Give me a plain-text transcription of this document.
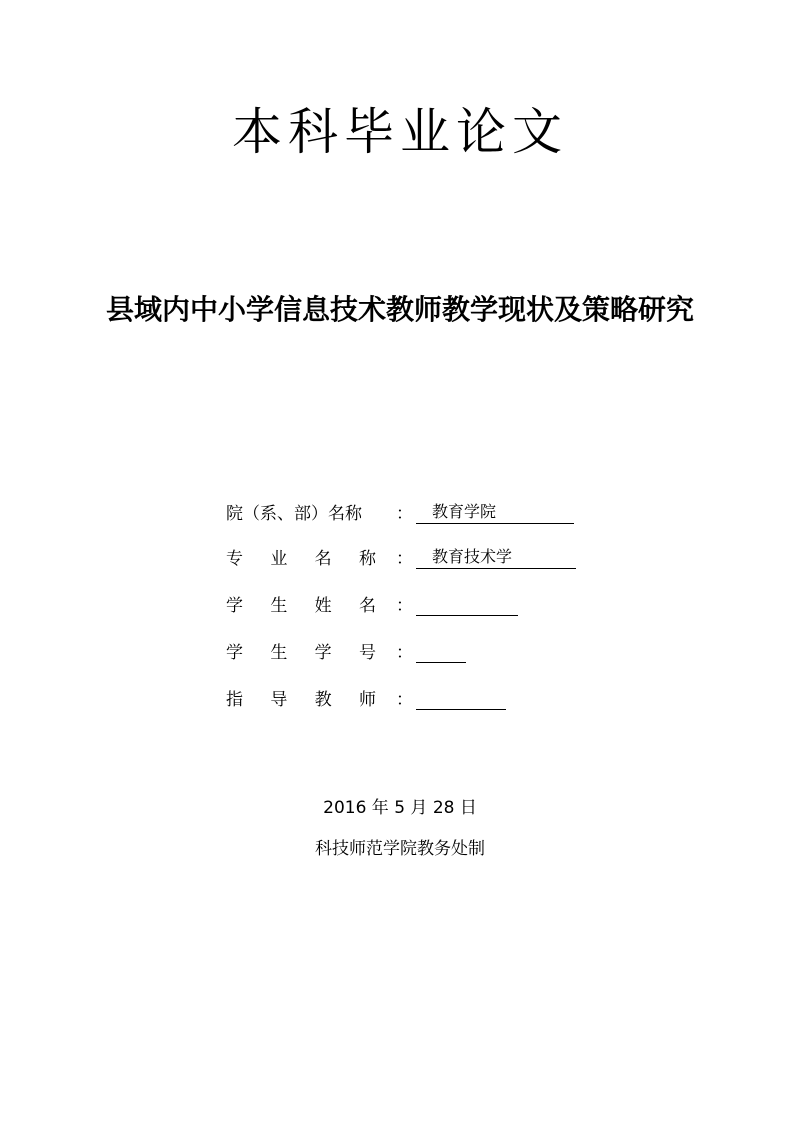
本科毕业论文
县域内中小学信息技术教师教学现状及策略研究
院（系、部）名称	：	教育学院
专 业 名 称 ：	教育技术学
学 生 姓 名 ：
学 生 学 号 ：
指 导 教 师 ：
2016 年 5 月 28 日
科技师范学院教务处制
